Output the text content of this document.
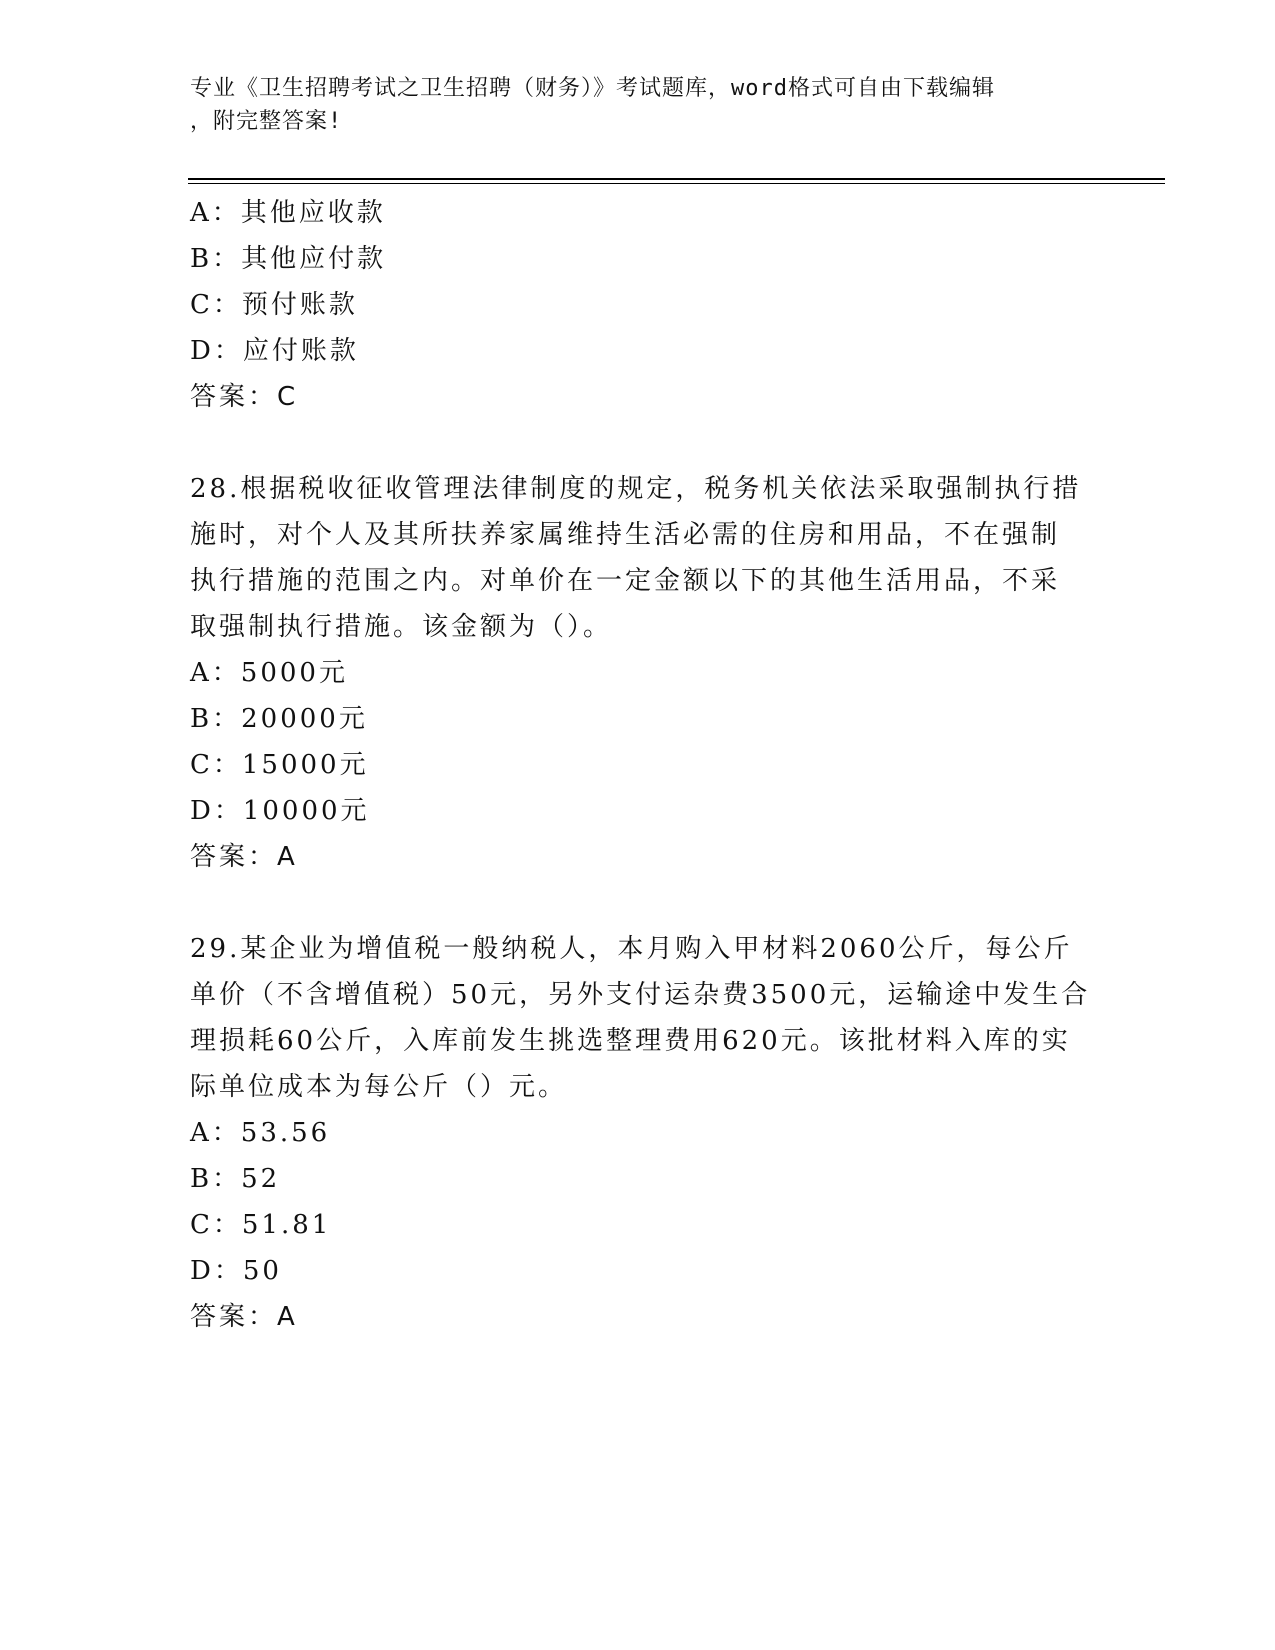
专业《卫生招聘考试之卫生招聘（财务）》考试题库，word格式可自由下载编辑
，附完整答案!
A：其他应收款
B：其他应付款
C：预付账款
D：应付账款
答案：C
28.根据税收征收管理法律制度的规定，税务机关依法采取强制执行措
施时，对个人及其所扶养家属维持生活必需的住房和用品，不在强制
执行措施的范围之内。对单价在一定金额以下的其他生活用品，不采
取强制执行措施。该金额为（）。
A：5000元
B：20000元
C：15000元
D：10000元
答案：A
29.某企业为增值税一般纳税人，本月购入甲材料2060公斤，每公斤
单价（不含增值税）50元，另外支付运杂费3500元，运输途中发生合
理损耗60公斤，入库前发生挑选整理费用620元。该批材料入库的实
际单位成本为每公斤（）元。
A：53.56
B：52
C：51.81
D：50
答案：A
